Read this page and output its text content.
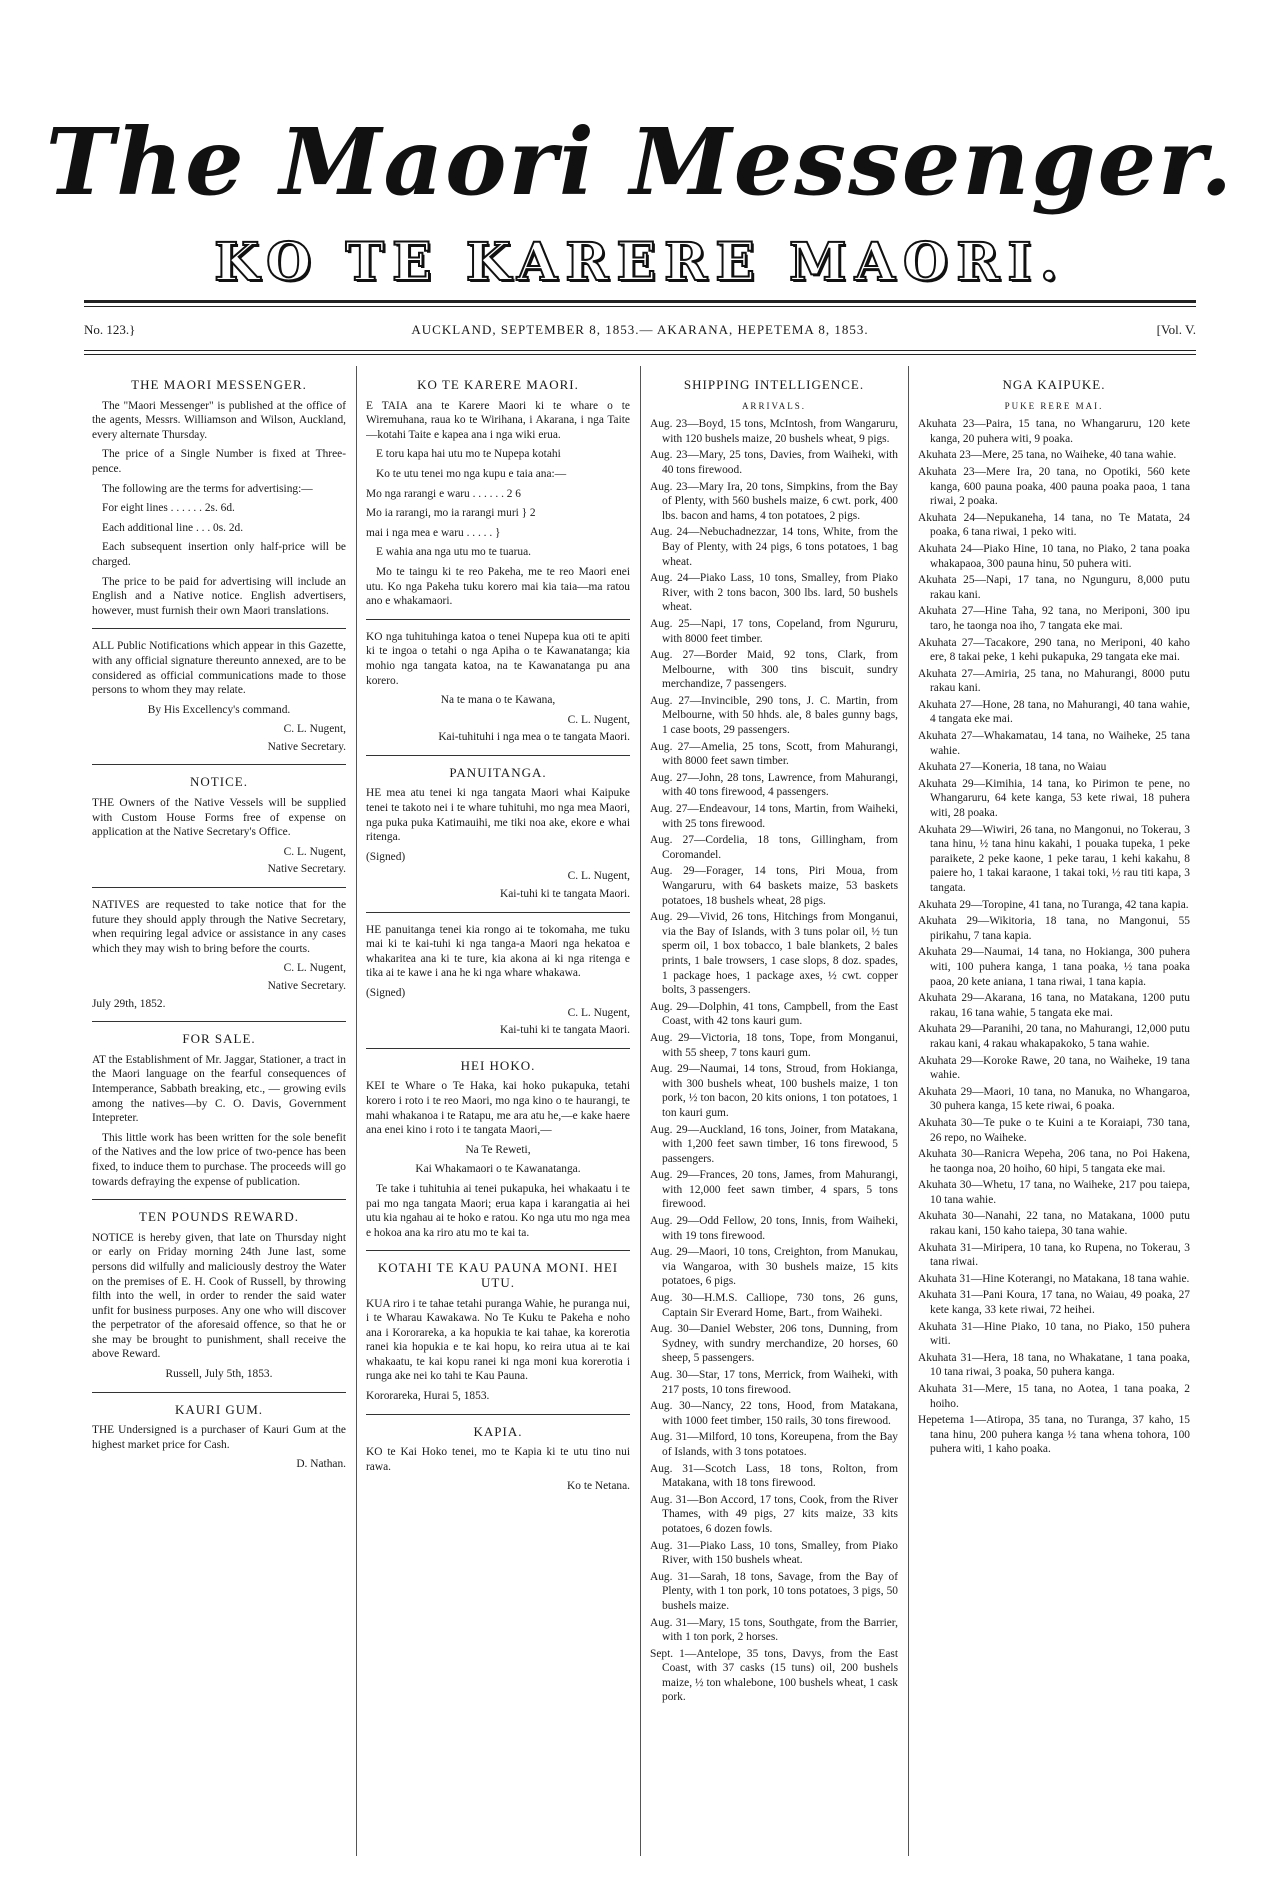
The Maori Messenger.
KO TE KARERE MAORI.
No. 123.}	AUCKLAND, SEPTEMBER 8, 1853.— AKARANA, HEPETEMA 8, 1853.	[Vol. V.
THE MAORI MESSENGER.

The "Maori Messenger" is published at the office of the agents, Messrs. Williamson and Wilson, Auckland, every alternate Thursday.

The price of a Single Number is fixed at Three-pence.

The following are the terms for advertising:—

For eight lines . . . . . . 2s. 6d.

Each additional line . . . 0s. 2d.

Each subsequent insertion only half-price will be charged.

The price to be paid for advertising will include an English and a Native notice. English advertisers, however, must furnish their own Maori translations.

ALL Public Notifications which appear in this Gazette, with any official signature thereunto annexed, are to be considered as official communications made to those persons to whom they may relate.

By His Excellency's command.

C. L. Nugent,

Native Secretary.

NOTICE.

THE Owners of the Native Vessels will be supplied with Custom House Forms free of expense on application at the Native Secretary's Office.

C. L. Nugent,

Native Secretary.

NATIVES are requested to take notice that for the future they should apply through the Native Secretary, when requiring legal advice or assistance in any cases which they may wish to bring before the courts.

C. L. Nugent,

Native Secretary.

July 29th, 1852.

FOR SALE.

AT the Establishment of Mr. Jaggar, Stationer, a tract in the Maori language on the fearful consequences of Intemperance, Sabbath breaking, etc., — growing evils among the natives—by C. O. Davis, Government Intepreter.

This little work has been written for the sole benefit of the Natives and the low price of two-pence has been fixed, to induce them to purchase. The proceeds will go towards defraying the expense of publication.

TEN POUNDS REWARD.

NOTICE is hereby given, that late on Thursday night or early on Friday morning 24th June last, some persons did wilfully and maliciously destroy the Water on the premises of E. H. Cook of Russell, by throwing filth into the well, in order to render the said water unfit for business purposes. Any one who will discover the perpetrator of the aforesaid offence, so that he or she may be brought to punishment, shall receive the above Reward.

Russell, July 5th, 1853.

KAURI GUM.

THE Undersigned is a purchaser of Kauri Gum at the highest market price for Cash.

D. Nathan.

KO TE KARERE MAORI.

E TAIA ana te Karere Maori ki te whare o te Wiremuhana, raua ko te Wirihana, i Akarana, i nga Taite—kotahi Taite e kapea ana i nga wiki erua.

E toru kapa hai utu mo te Nupepa kotahi

Ko te utu tenei mo nga kupu e taia ana:—

Mo nga rarangi e waru . . . . . . 2 6

Mo ia rarangi, mo ia rarangi muri } 2

mai i nga mea e waru . . . . . }

E wahia ana nga utu mo te tuarua.

Mo te taingu ki te reo Pakeha, me te reo Maori enei utu. Ko nga Pakeha tuku korero mai kia taia—ma ratou ano e whakamaori.

KO nga tuhituhinga katoa o tenei Nupepa kua oti te apiti ki te ingoa o tetahi o nga Apiha o te Kawanatanga; kia mohio nga tangata katoa, na te Kawanatanga pu ana korero.

Na te mana o te Kawana,

C. L. Nugent,

Kai-tuhituhi i nga mea o te tangata Maori.

PANUITANGA.

HE mea atu tenei ki nga tangata Maori whai Kaipuke tenei te takoto nei i te whare tuhituhi, mo nga mea Maori, nga puka puka Katimauihi, me tiki noa ake, ekore e whai ritenga.

(Signed)

C. L. Nugent,

Kai-tuhi ki te tangata Maori.

HE panuitanga tenei kia rongo ai te tokomaha, me tuku mai ki te kai-tuhi ki nga tanga-a Maori nga hekatoa e whakaritea ana ki te ture, kia akona ai ki nga ritenga e tika ai te kawe i ana he ki nga whare whakawa.

(Signed)

C. L. Nugent,

Kai-tuhi ki te tangata Maori.

HEI HOKO.

KEI te Whare o Te Haka, kai hoko pukapuka, tetahi korero i roto i te reo Maori, mo nga kino o te haurangi, te mahi whakanoa i te Ratapu, me ara atu he,—e kake haere ana enei kino i roto i te tangata Maori,—

Na Te Reweti,

Kai Whakamaori o te Kawanatanga.

Te take i tuhituhia ai tenei pukapuka, hei whakaatu i te pai mo nga tangata Maori; erua kapa i karangatia ai hei utu kia ngahau ai te hoko e ratou. Ko nga utu mo nga mea e hokoa ana ka riro atu mo te kai ta.

KOTAHI TE KAU PAUNA MONI. HEI UTU.

KUA riro i te tahae tetahi puranga Wahie, he puranga nui, i te Wharau Kawakawa. No Te Kuku te Pakeha e noho ana i Kororareka, a ka hopukia te kai tahae, ka korerotia ranei kia hopukia e te kai hopu, ko reira utua ai te kai whakaatu, te kai kopu ranei ki nga moni kua korerotia i runga ake nei ko tahi te Kau Pauna.

Kororareka, Hurai 5, 1853.

KAPIA.

KO te Kai Hoko tenei, mo te Kapia ki te utu tino nui rawa.

Ko te Netana.

SHIPPING INTELLIGENCE.
ARRIVALS.

Aug. 23—Boyd, 15 tons, McIntosh, from Wangaruru, with 120 bushels maize, 20 bushels wheat, 9 pigs.

Aug. 23—Mary, 25 tons, Davies, from Waiheki, with 40 tons firewood.

Aug. 23—Mary Ira, 20 tons, Simpkins, from the Bay of Plenty, with 560 bushels maize, 6 cwt. pork, 400 lbs. bacon and hams, 4 ton potatoes, 2 pigs.

Aug. 24—Nebuchadnezzar, 14 tons, White, from the Bay of Plenty, with 24 pigs, 6 tons potatoes, 1 bag wheat.

Aug. 24—Piako Lass, 10 tons, Smalley, from Piako River, with 2 tons bacon, 300 lbs. lard, 50 bushels wheat.

Aug. 25—Napi, 17 tons, Copeland, from Ngururu, with 8000 feet timber.

Aug. 27—Border Maid, 92 tons, Clark, from Melbourne, with 300 tins biscuit, sundry merchandize, 7 passengers.

Aug. 27—Invincible, 290 tons, J. C. Martin, from Melbourne, with 50 hhds. ale, 8 bales gunny bags, 1 case boots, 29 passengers.

Aug. 27—Amelia, 25 tons, Scott, from Mahurangi, with 8000 feet sawn timber.

Aug. 27—John, 28 tons, Lawrence, from Mahurangi, with 40 tons firewood, 4 passengers.

Aug. 27—Endeavour, 14 tons, Martin, from Waiheki, with 25 tons firewood.

Aug. 27—Cordelia, 18 tons, Gillingham, from Coromandel.

Aug. 29—Forager, 14 tons, Piri Moua, from Wangaruru, with 64 baskets maize, 53 baskets potatoes, 18 bushels wheat, 28 pigs.

Aug. 29—Vivid, 26 tons, Hitchings from Monganui, via the Bay of Islands, with 3 tuns polar oil, ½ tun sperm oil, 1 box tobacco, 1 bale blankets, 2 bales prints, 1 bale trowsers, 1 case slops, 8 doz. spades, 1 package hoes, 1 package axes, ½ cwt. copper bolts, 3 passengers.

Aug. 29—Dolphin, 41 tons, Campbell, from the East Coast, with 42 tons kauri gum.

Aug. 29—Victoria, 18 tons, Tope, from Monganui, with 55 sheep, 7 tons kauri gum.

Aug. 29—Naumai, 14 tons, Stroud, from Hokianga, with 300 bushels wheat, 100 bushels maize, 1 ton pork, ½ ton bacon, 20 kits onions, 1 ton potatoes, 1 ton kauri gum.

Aug. 29—Auckland, 16 tons, Joiner, from Matakana, with 1,200 feet sawn timber, 16 tons firewood, 5 passengers.

Aug. 29—Frances, 20 tons, James, from Mahurangi, with 12,000 feet sawn timber, 4 spars, 5 tons firewood.

Aug. 29—Odd Fellow, 20 tons, Innis, from Waiheki, with 19 tons firewood.

Aug. 29—Maori, 10 tons, Creighton, from Manukau, via Wangaroa, with 30 bushels maize, 15 kits potatoes, 6 pigs.

Aug. 30—H.M.S. Calliope, 730 tons, 26 guns, Captain Sir Everard Home, Bart., from Waiheki.

Aug. 30—Daniel Webster, 206 tons, Dunning, from Sydney, with sundry merchandize, 20 horses, 60 sheep, 5 passengers.

Aug. 30—Star, 17 tons, Merrick, from Waiheki, with 217 posts, 10 tons firewood.

Aug. 30—Nancy, 22 tons, Hood, from Matakana, with 1000 feet timber, 150 rails, 30 tons firewood.

Aug. 31—Milford, 10 tons, Koreupena, from the Bay of Islands, with 3 tons potatoes.

Aug. 31—Scotch Lass, 18 tons, Rolton, from Matakana, with 18 tons firewood.

Aug. 31—Bon Accord, 17 tons, Cook, from the River Thames, with 49 pigs, 27 kits maize, 33 kits potatoes, 6 dozen fowls.

Aug. 31—Piako Lass, 10 tons, Smalley, from Piako River, with 150 bushels wheat.

Aug. 31—Sarah, 18 tons, Savage, from the Bay of Plenty, with 1 ton pork, 10 tons potatoes, 3 pigs, 50 bushels maize.

Aug. 31—Mary, 15 tons, Southgate, from the Barrier, with 1 ton pork, 2 horses.

Sept. 1—Antelope, 35 tons, Davys, from the East Coast, with 37 casks (15 tuns) oil, 200 bushels maize, ½ ton whalebone, 100 bushels wheat, 1 cask pork.

NGA KAIPUKE.
PUKE RERE MAI.

Akuhata 23—Paira, 15 tana, no Whangaruru, 120 kete kanga, 20 puhera witi, 9 poaka.

Akuhata 23—Mere, 25 tana, no Waiheke, 40 tana wahie.

Akuhata 23—Mere Ira, 20 tana, no Opotiki, 560 kete kanga, 600 pauna poaka, 400 pauna poaka paoa, 1 tana riwai, 2 poaka.

Akuhata 24—Nepukaneha, 14 tana, no Te Matata, 24 poaka, 6 tana riwai, 1 peko witi.

Akuhata 24—Piako Hine, 10 tana, no Piako, 2 tana poaka whakapaoa, 300 pauna hinu, 50 puhera witi.

Akuhata 25—Napi, 17 tana, no Ngunguru, 8,000 putu rakau kani.

Akuhata 27—Hine Taha, 92 tana, no Meriponi, 300 ipu taro, he taonga noa iho, 7 tangata eke mai.

Akuhata 27—Tacakore, 290 tana, no Meriponi, 40 kaho ere, 8 takai peke, 1 kehi pukapuka, 29 tangata eke mai.

Akuhata 27—Amiria, 25 tana, no Mahurangi, 8000 putu rakau kani.

Akuhata 27—Hone, 28 tana, no Mahurangi, 40 tana wahie, 4 tangata eke mai.

Akuhata 27—Whakamatau, 14 tana, no Waiheke, 25 tana wahie.

Akuhata 27—Koneria, 18 tana, no Waiau

Akuhata 29—Kimihia, 14 tana, ko Pirimon te pene, no Whangaruru, 64 kete kanga, 53 kete riwai, 18 puhera witi, 28 poaka.

Akuhata 29—Wiwiri, 26 tana, no Mangonui, no Tokerau, 3 tana hinu, ½ tana hinu kakahi, 1 pouaka tupeka, 1 peke paraikete, 2 peke kaone, 1 peke tarau, 1 kehi kakahu, 8 paiere ho, 1 takai karaone, 1 takai toki, ½ rau titi kapa, 3 tangata.

Akuhata 29—Toropine, 41 tana, no Turanga, 42 tana kapia.

Akuhata 29—Wikitoria, 18 tana, no Mangonui, 55 pirikahu, 7 tana kapia.

Akuhata 29—Naumai, 14 tana, no Hokianga, 300 puhera witi, 100 puhera kanga, 1 tana poaka, ½ tana poaka paoa, 20 kete aniana, 1 tana riwai, 1 tana kapia.

Akuhata 29—Akarana, 16 tana, no Matakana, 1200 putu rakau, 16 tana wahie, 5 tangata eke mai.

Akuhata 29—Paranihi, 20 tana, no Mahurangi, 12,000 putu rakau kani, 4 rakau whakapakoko, 5 tana wahie.

Akuhata 29—Koroke Rawe, 20 tana, no Waiheke, 19 tana wahie.

Akuhata 29—Maori, 10 tana, no Manuka, no Whangaroa, 30 puhera kanga, 15 kete riwai, 6 poaka.

Akuhata 30—Te puke o te Kuini a te Koraiapi, 730 tana, 26 repo, no Waiheke.

Akuhata 30—Ranicra Wepeha, 206 tana, no Poi Hakena, he taonga noa, 20 hoiho, 60 hipi, 5 tangata eke mai.

Akuhata 30—Whetu, 17 tana, no Waiheke, 217 pou taiepa, 10 tana wahie.

Akuhata 30—Nanahi, 22 tana, no Matakana, 1000 putu rakau kani, 150 kaho taiepa, 30 tana wahie.

Akuhata 31—Miripera, 10 tana, ko Rupena, no Tokerau, 3 tana riwai.

Akuhata 31—Hine Koterangi, no Matakana, 18 tana wahie.

Akuhata 31—Pani Koura, 17 tana, no Waiau, 49 poaka, 27 kete kanga, 33 kete riwai, 72 heihei.

Akuhata 31—Hine Piako, 10 tana, no Piako, 150 puhera witi.

Akuhata 31—Hera, 18 tana, no Whakatane, 1 tana poaka, 10 tana riwai, 3 poaka, 50 puhera kanga.

Akuhata 31—Mere, 15 tana, no Aotea, 1 tana poaka, 2 hoiho.

Hepetema 1—Atiropa, 35 tana, no Turanga, 37 kaho, 15 tana hinu, 200 puhera kanga ½ tana whena tohora, 100 puhera witi, 1 kaho poaka.
